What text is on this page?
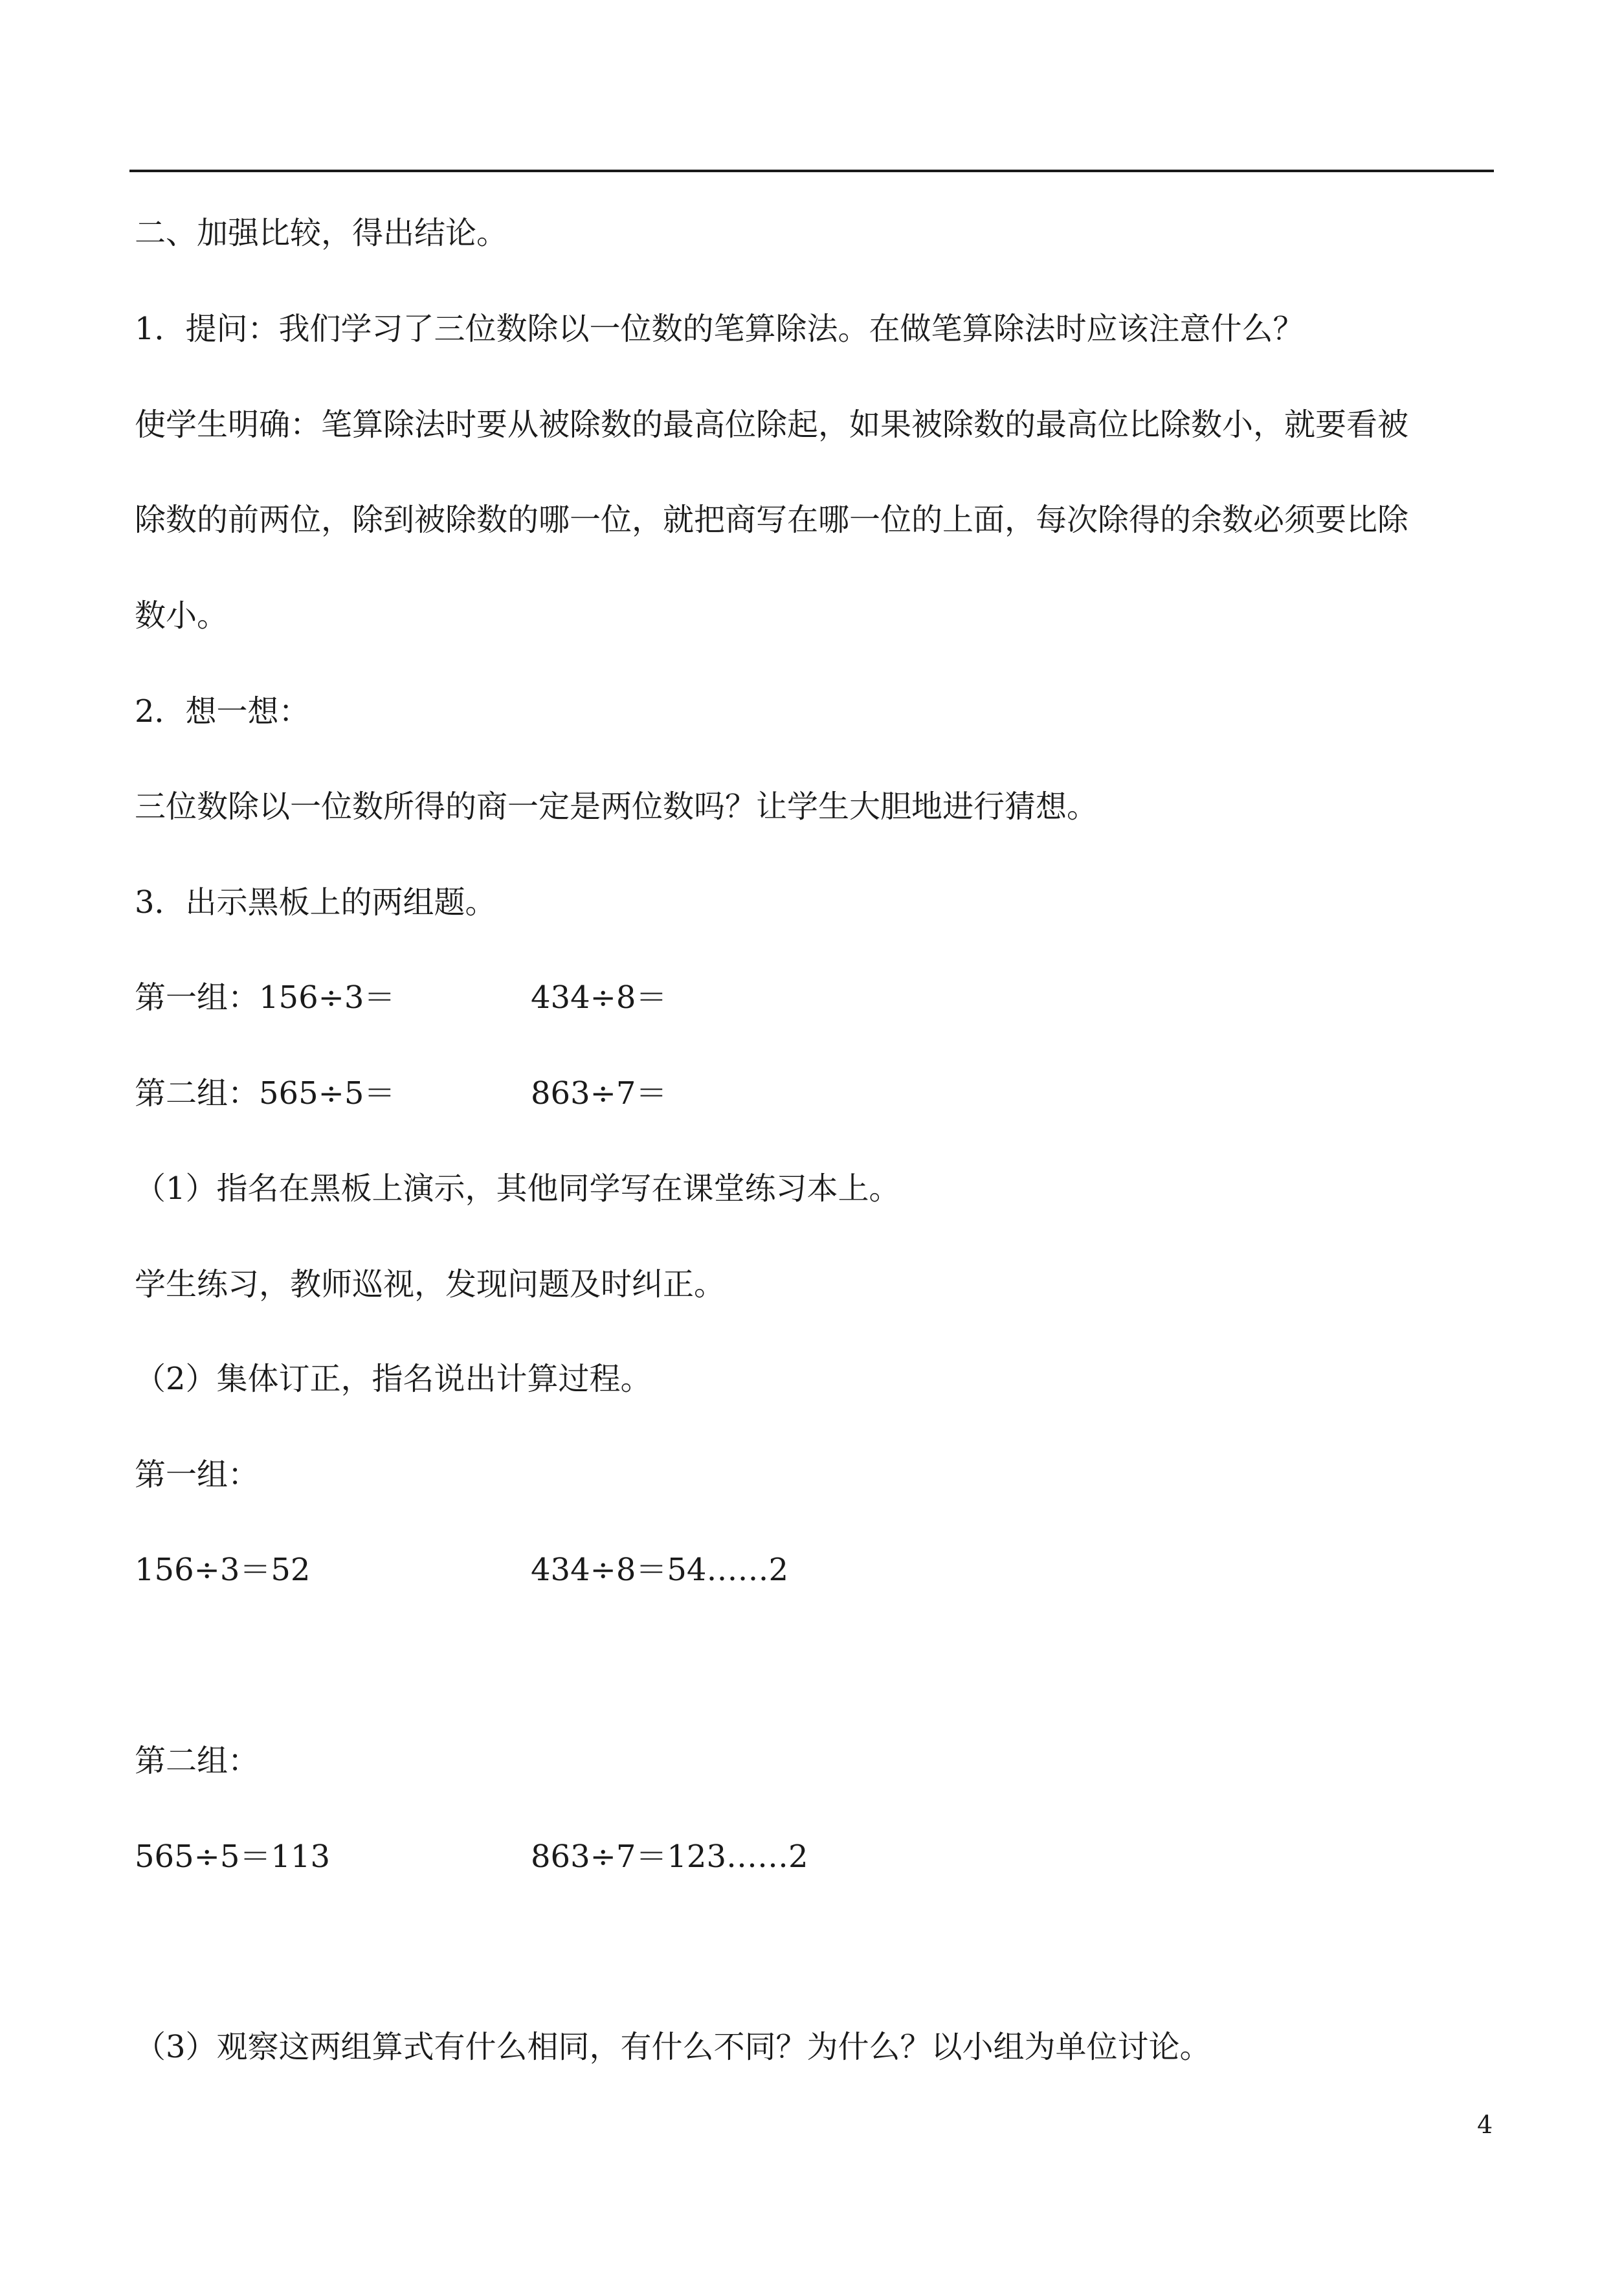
二、加强比较，得出结论。
1．提问：我们学习了三位数除以一位数的笔算除法。在做笔算除法时应该注意什么？
使学生明确：笔算除法时要从被除数的最高位除起，如果被除数的最高位比除数小，就要看被
除数的前两位，除到被除数的哪一位，就把商写在哪一位的上面，每次除得的余数必须要比除
数小。
2．想一想：
三位数除以一位数所得的商一定是两位数吗？让学生大胆地进行猜想。
3．出示黑板上的两组题。
第一组：156÷3＝	434÷8＝
第二组：565÷5＝	863÷7＝
（1）指名在黑板上演示，其他同学写在课堂练习本上。
学生练习，教师巡视，发现问题及时纠正。
（2）集体订正，指名说出计算过程。
第一组：
156÷3＝52	434÷8＝54……2
第二组：
565÷5＝113	863÷7＝123……2
（3）观察这两组算式有什么相同，有什么不同？为什么？以小组为单位讨论。
4
